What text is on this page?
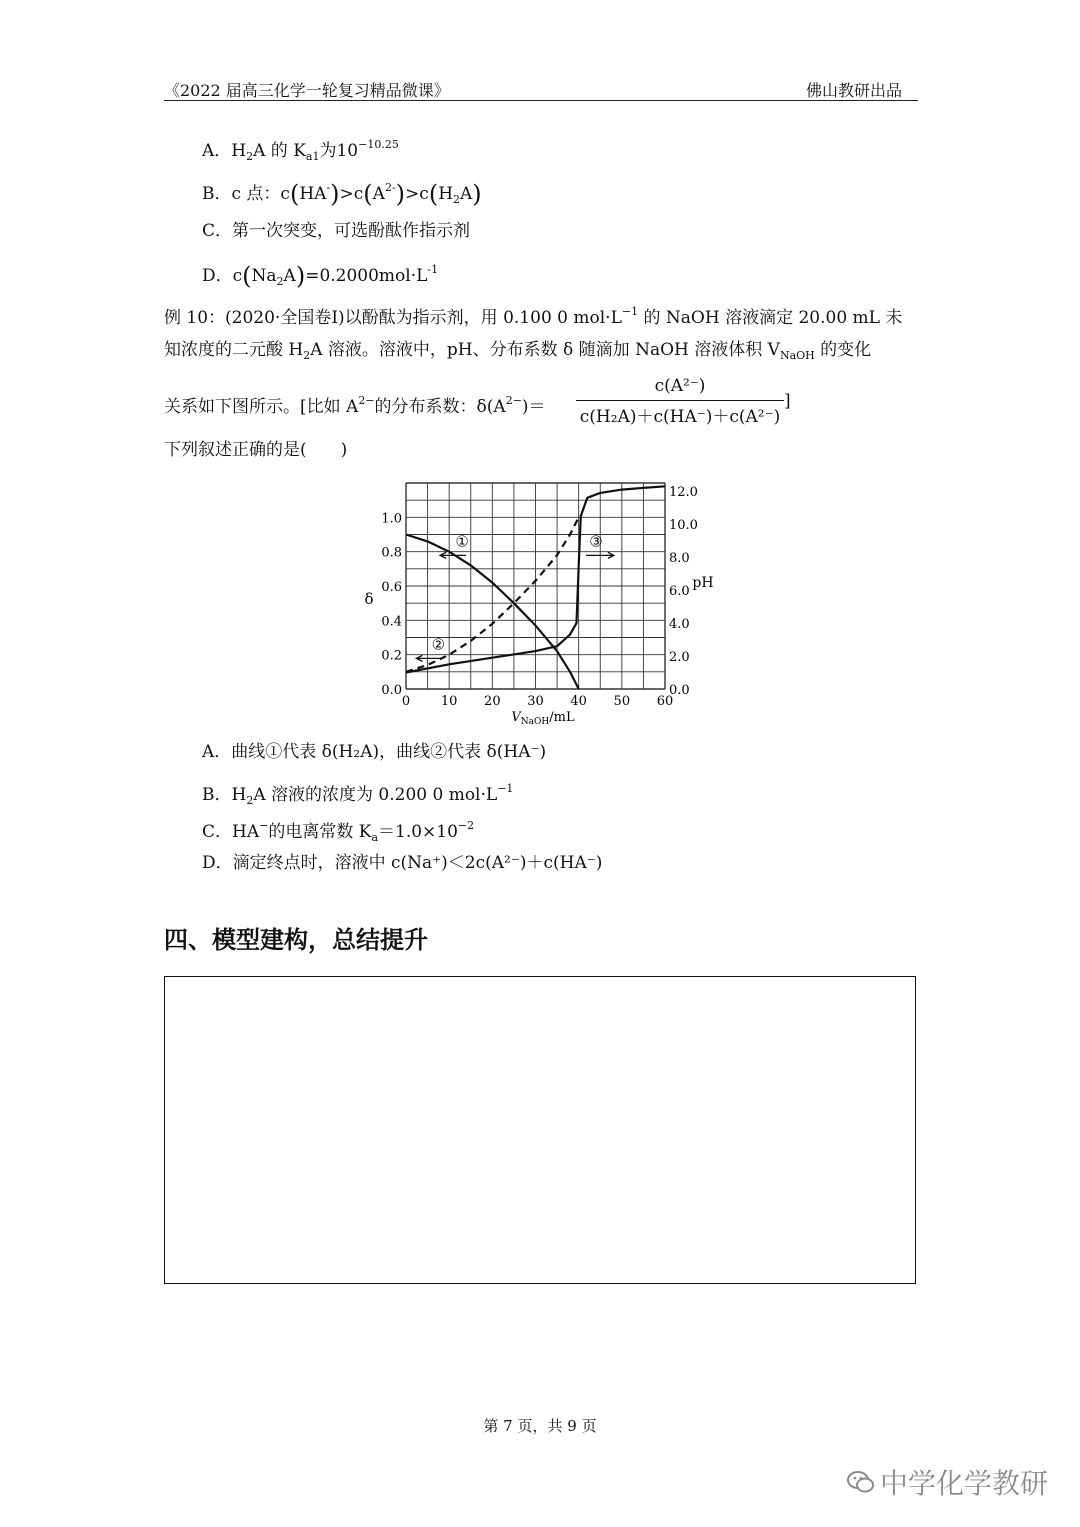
《2022 届高三化学一轮复习精品微课》	佛山教研出品
A．$H_2A$ 的 $K_{a1}$为$10^{-10.25}$
B．c 点：$c(HA^-)>c(A^{2-})>c(H_2A)$
C．第一次突变，可选酚酞作指示剂
D．$c(Na_2A)=0.2000mol\cdot L^{-1}$
例 10：(2020·全国卷Ⅰ)以酚酞为指示剂，用 0.100 0 $mol\cdot L^{-1}$ 的 NaOH 溶液滴定 20.00 mL 未
知浓度的二元酸 $H_2A$ 溶液。溶液中，pH、分布系数 δ 随滴加 NaOH 溶液体积 $V_{NaOH}$ 的变化
关系如下图所示。[比如 $A^{2-}$的分布系数：$\delta(A^{2-})=$
c(A²⁻)
c(H₂A)＋c(HA⁻)＋c(A²⁻)
]
下列叙述正确的是(　　)
0 10 20 30 40 50 60
0.0
0.2
0.4
0.6
0.8
1.0
0.0
2.0
4.0
6.0
8.0
10.0
12.0
①
②
③
δ
pH
$V_{NaOH}/mL$
A．曲线①代表 δ(H₂A)，曲线②代表 δ(HA⁻)
B．$H_2A$ 溶液的浓度为 0.200 0 $mol\cdot L^{-1}$
C．HA−的电离常数 $K_a=1.0\times 10^{-2}$
D．滴定终点时，溶液中 c(Na⁺)＜2c(A²⁻)＋c(HA⁻)
四、模型建构，总结提升
第 7 页，共 9 页
中学化学教研
